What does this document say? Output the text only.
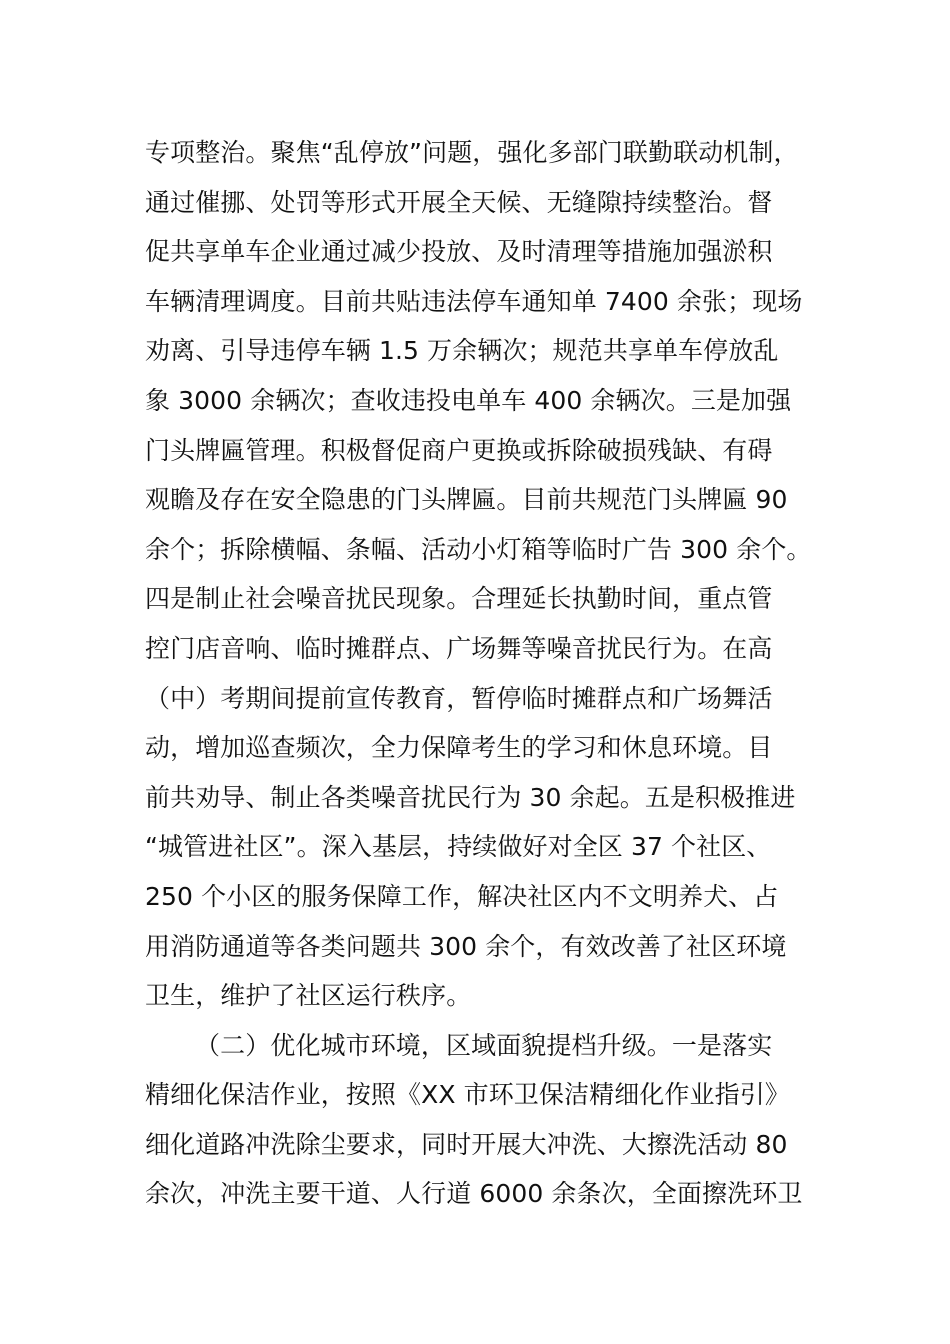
专项整治。聚焦“乱停放”问题，强化多部门联勤联动机制，
通过催挪、处罚等形式开展全天候、无缝隙持续整治。督
促共享单车企业通过减少投放、及时清理等措施加强淤积
车辆清理调度。目前共贴违法停车通知单 7400 余张；现场
劝离、引导违停车辆 1.5 万余辆次；规范共享单车停放乱
象 3000 余辆次；查收违投电单车 400 余辆次。三是加强
门头牌匾管理。积极督促商户更换或拆除破损残缺、有碍
观瞻及存在安全隐患的门头牌匾。目前共规范门头牌匾 90
余个；拆除横幅、条幅、活动小灯箱等临时广告 300 余个。
四是制止社会噪音扰民现象。合理延长执勤时间，重点管
控门店音响、临时摊群点、广场舞等噪音扰民行为。在高
（中）考期间提前宣传教育，暂停临时摊群点和广场舞活
动，增加巡查频次，全力保障考生的学习和休息环境。目
前共劝导、制止各类噪音扰民行为 30 余起。五是积极推进
“城管进社区”。深入基层，持续做好对全区 37 个社区、
250 个小区的服务保障工作，解决社区内不文明养犬、占
用消防通道等各类问题共 300 余个，有效改善了社区环境
卫生，维护了社区运行秩序。
（二）优化城市环境，区域面貌提档升级。一是落实
精细化保洁作业，按照《XX 市环卫保洁精细化作业指引》
细化道路冲洗除尘要求，同时开展大冲洗、大擦洗活动 80
余次，冲洗主要干道、人行道 6000 余条次，全面擦洗环卫
